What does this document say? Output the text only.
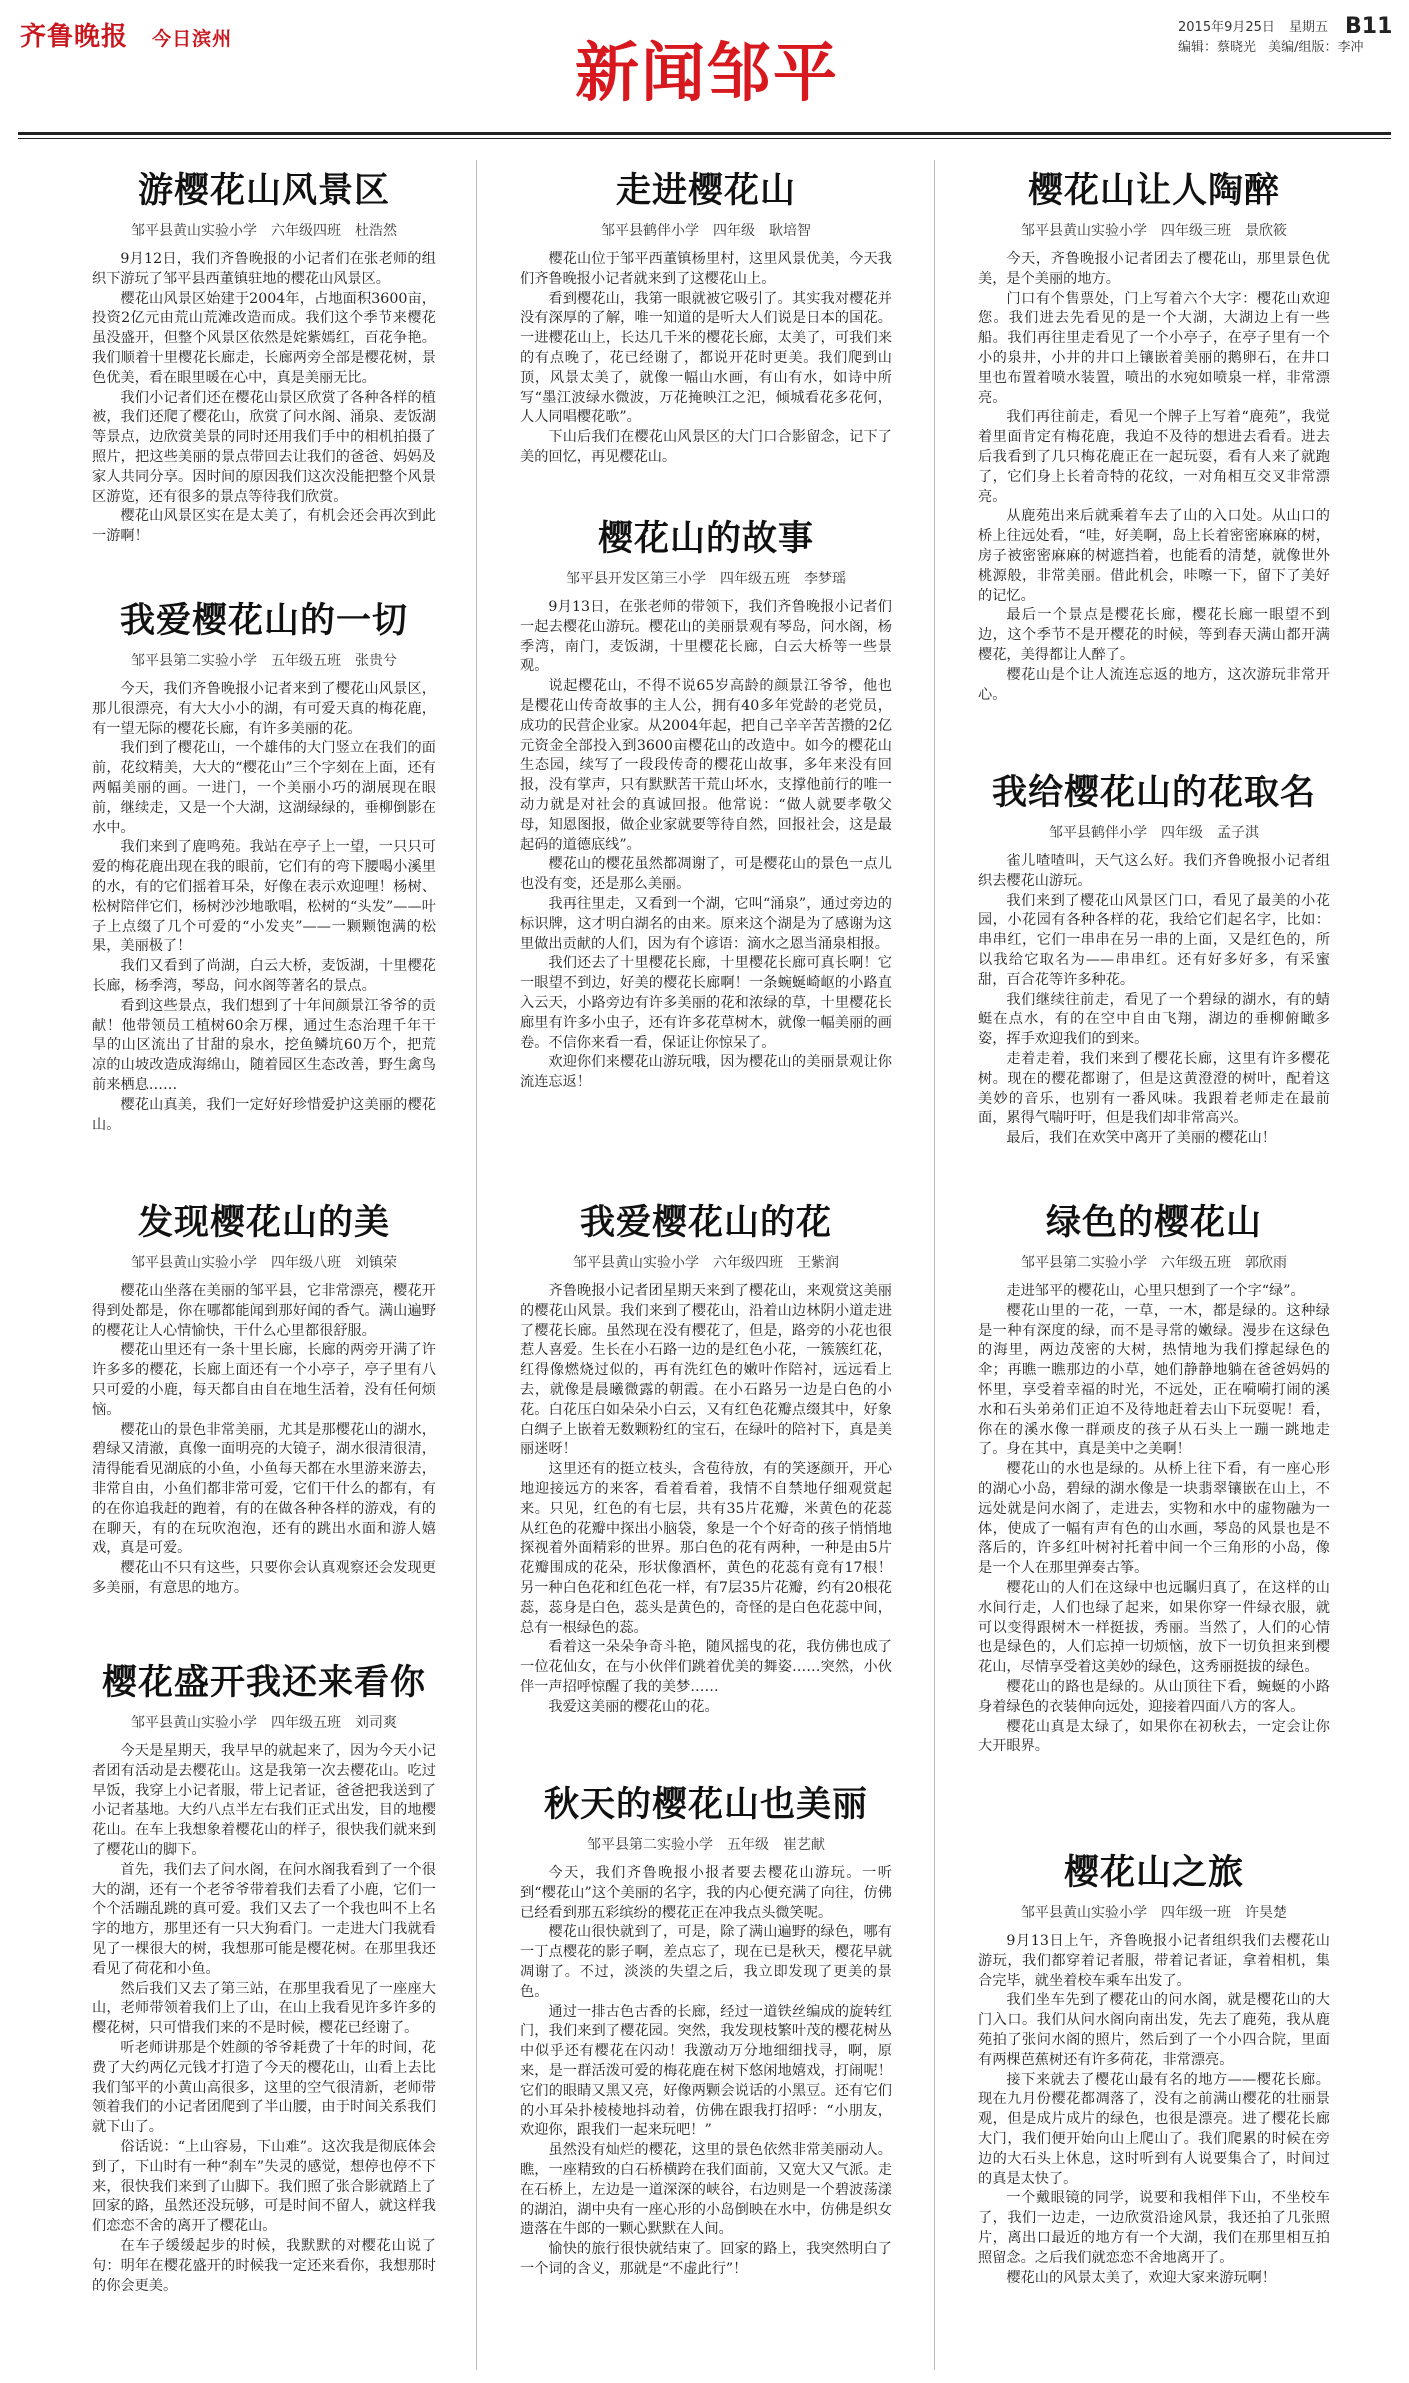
齐鲁晚报 今日滨州	新闻邹平
2015年9月25日 星期五
编辑：蔡晓光 美编/组版：李冲
B11
游樱花山风景区
邹平县黄山实验小学　六年级四班　杜浩然

9月12日，我们齐鲁晚报的小记者们在张老师的组织下游玩了邹平县西董镇驻地的樱花山风景区。

樱花山风景区始建于2004年，占地面积3600亩，投资2亿元由荒山荒滩改造而成。我们这个季节来樱花虽没盛开，但整个风景区依然是姹紫嫣红，百花争艳。我们顺着十里樱花长廊走，长廊两旁全部是樱花树，景色优美，看在眼里暖在心中，真是美丽无比。

我们小记者们还在樱花山景区欣赏了各种各样的植被，我们还爬了樱花山，欣赏了问水阁、涌泉、麦饭湖等景点，边欣赏美景的同时还用我们手中的相机拍摄了照片，把这些美丽的景点带回去让我们的爸爸、妈妈及家人共同分享。因时间的原因我们这次没能把整个风景区游览，还有很多的景点等待我们欣赏。

樱花山风景区实在是太美了，有机会还会再次到此一游啊！

我爱樱花山的一切
邹平县第二实验小学　五年级五班　张贵兮

今天，我们齐鲁晚报小记者来到了樱花山风景区，那儿很漂亮，有大大小小的湖，有可爱天真的梅花鹿，有一望无际的樱花长廊，有许多美丽的花。

我们到了樱花山，一个雄伟的大门竖立在我们的面前，花纹精美，大大的“樱花山”三个字刻在上面，还有两幅美丽的画。一进门，一个美丽小巧的湖展现在眼前，继续走，又是一个大湖，这湖绿绿的，垂柳倒影在水中。

我们来到了鹿鸣苑。我站在亭子上一望，一只只可爱的梅花鹿出现在我的眼前，它们有的弯下腰喝小溪里的水，有的它们摇着耳朵，好像在表示欢迎哩！杨树、松树陪伴它们，杨树沙沙地歌唱，松树的“头发”——叶子上点缀了几个可爱的“小发夹”——一颗颗饱满的松果，美丽极了！

我们又看到了尚湖，白云大桥，麦饭湖，十里樱花长廊，杨季湾，琴岛，问水阁等著名的景点。

看到这些景点，我们想到了十年间颜景江爷爷的贡献！他带领员工植树60余万棵，通过生态治理千年干旱的山区流出了甘甜的泉水，挖鱼鳞坑60万个，把荒凉的山坡改造成海绵山，随着园区生态改善，野生禽鸟前来栖息……

樱花山真美，我们一定好好珍惜爱护这美丽的樱花山。

发现樱花山的美
邹平县黄山实验小学　四年级八班　刘镇荣

樱花山坐落在美丽的邹平县，它非常漂亮，樱花开得到处都是，你在哪都能闻到那好闻的香气。满山遍野的樱花让人心情愉快，干什么心里都很舒服。

樱花山里还有一条十里长廊，长廊的两旁开满了许许多多的樱花，长廊上面还有一个小亭子，亭子里有八只可爱的小鹿，每天都自由自在地生活着，没有任何烦恼。

樱花山的景色非常美丽，尤其是那樱花山的湖水，碧绿又清澈，真像一面明亮的大镜子，湖水很清很清，清得能看见湖底的小鱼，小鱼每天都在水里游来游去，非常自由，小鱼们都非常可爱，它们干什么的都有，有的在你追我赶的跑着，有的在做各种各样的游戏，有的在聊天，有的在玩吹泡泡，还有的跳出水面和游人嬉戏，真是可爱。

樱花山不只有这些，只要你会认真观察还会发现更多美丽，有意思的地方。

樱花盛开我还来看你
邹平县黄山实验小学　四年级五班　刘司爽

今天是星期天，我早早的就起来了，因为今天小记者团有活动是去樱花山。这是我第一次去樱花山。吃过早饭，我穿上小记者服，带上记者证，爸爸把我送到了小记者基地。大约八点半左右我们正式出发，目的地樱花山。在车上我想象着樱花山的样子，很快我们就来到了樱花山的脚下。

首先，我们去了问水阁，在问水阁我看到了一个很大的湖，还有一个老爷爷带着我们去看了小鹿，它们一个个活蹦乱跳的真可爱。我们又去了一个我也叫不上名字的地方，那里还有一只大狗看门。一走进大门我就看见了一棵很大的树，我想那可能是樱花树。在那里我还看见了荷花和小鱼。

然后我们又去了第三站，在那里我看见了一座座大山，老师带领着我们上了山，在山上我看见许多许多的樱花树，只可惜我们来的不是时候，樱花已经谢了。

听老师讲那是个姓颜的爷爷耗费了十年的时间，花费了大约两亿元钱才打造了今天的樱花山，山看上去比我们邹平的小黄山高很多，这里的空气很清新，老师带领着我们的小记者团爬到了半山腰，由于时间关系我们就下山了。

俗话说：“上山容易，下山难”。这次我是彻底体会到了，下山时有一种“刹车”失灵的感觉，想停也停不下来，很快我们来到了山脚下。我们照了张合影就踏上了回家的路，虽然还没玩够，可是时间不留人，就这样我们恋恋不舍的离开了樱花山。

在车子缓缓起步的时候，我默默的对樱花山说了句：明年在樱花盛开的时候我一定还来看你，我想那时的你会更美。

走进樱花山
邹平县鹤伴小学　四年级　耿培智

樱花山位于邹平西董镇杨里村，这里风景优美，今天我们齐鲁晚报小记者就来到了这樱花山上。

看到樱花山，我第一眼就被它吸引了。其实我对樱花并没有深厚的了解，唯一知道的是听大人们说是日本的国花。一进樱花山上，长达几千米的樱花长廊，太美了，可我们来的有点晚了，花已经谢了，都说开花时更美。我们爬到山顶，风景太美了，就像一幅山水画，有山有水，如诗中所写“墨江波绿水微波，万花掩映江之汜，倾城看花多花何，人人同唱樱花歌”。

下山后我们在樱花山风景区的大门口合影留念，记下了美的回忆，再见樱花山。

樱花山的故事
邹平县开发区第三小学　四年级五班　李梦瑶

9月13日，在张老师的带领下，我们齐鲁晚报小记者们一起去樱花山游玩。樱花山的美丽景观有琴岛，问水阁，杨季湾，南门，麦饭湖，十里樱花长廊，白云大桥等一些景观。

说起樱花山，不得不说65岁高龄的颜景江爷爷，他也是樱花山传奇故事的主人公，拥有40多年党龄的老党员，成功的民营企业家。从2004年起，把自己辛辛苦苦攒的2亿元资金全部投入到3600亩樱花山的改造中。如今的樱花山生态园，续写了一段段传奇的樱花山故事，多年来没有回报，没有掌声，只有默默苦干荒山坏水，支撑他前行的唯一动力就是对社会的真诚回报。他常说：“做人就要孝敬父母，知恩图报，做企业家就要等待自然，回报社会，这是最起码的道德底线”。

樱花山的樱花虽然都凋谢了，可是樱花山的景色一点儿也没有变，还是那么美丽。

我再往里走，又看到一个湖，它叫“涌泉”，通过旁边的标识牌，这才明白湖名的由来。原来这个湖是为了感谢为这里做出贡献的人们，因为有个谚语：滴水之恩当涌泉相报。

我们还去了十里樱花长廊，十里樱花长廊可真长啊！它一眼望不到边，好美的樱花长廊啊！一条蜿蜒崎岖的小路直入云天，小路旁边有许多美丽的花和浓绿的草，十里樱花长廊里有许多小虫子，还有许多花草树木，就像一幅美丽的画卷。不信你来看一看，保证让你惊呆了。

欢迎你们来樱花山游玩哦，因为樱花山的美丽景观让你流连忘返！

我爱樱花山的花
邹平县黄山实验小学　六年级四班　王紫润

齐鲁晚报小记者团星期天来到了樱花山，来观赏这美丽的樱花山风景。我们来到了樱花山，沿着山边林阴小道走进了樱花长廊。虽然现在没有樱花了，但是，路旁的小花也很惹人喜爱。生长在小石路一边的是红色小花，一簇簇红花，红得像燃烧过似的，再有洗红色的嫩叶作陪衬，远远看上去，就像是晨曦微露的朝霞。在小石路另一边是白色的小花。白花压白如朵朵小白云，又有红色花瓣点缀其中，好象白绸子上嵌着无数颗粉红的宝石，在绿叶的陪衬下，真是美丽迷呀！

这里还有的挺立枝头，含苞待放，有的笑逐颜开，开心地迎接远方的来客，看着看着，我情不自禁地仔细观赏起来。只见，红色的有七层，共有35片花瓣，米黄色的花蕊从红色的花瓣中探出小脑袋，象是一个个好奇的孩子悄悄地探视着外面精彩的世界。那白色的花有两种，一种是由5片花瓣围成的花朵，形状像酒杯，黄色的花蕊有竟有17根！另一种白色花和红色花一样，有7层35片花瓣，约有20根花蕊，蕊身是白色，蕊头是黄色的，奇怪的是白色花蕊中间，总有一根绿色的蕊。

看着这一朵朵争奇斗艳，随风摇曳的花，我仿佛也成了一位花仙女，在与小伙伴们跳着优美的舞姿……突然，小伙伴一声招呼惊醒了我的美梦……

我爱这美丽的樱花山的花。

秋天的樱花山也美丽
邹平县第二实验小学　五年级　崔艺献

今天，我们齐鲁晚报小报者要去樱花山游玩。一听到“樱花山”这个美丽的名字，我的内心便充满了向往，仿佛已经看到那五彩缤纷的樱花正在冲我点头微笑呢。

樱花山很快就到了，可是，除了满山遍野的绿色，哪有一丁点樱花的影子啊，差点忘了，现在已是秋天，樱花早就凋谢了。不过，淡淡的失望之后，我立即发现了更美的景色。

通过一排古色古香的长廊，经过一道铁丝编成的旋转红门，我们来到了樱花园。突然，我发现枝繁叶茂的樱花树丛中似乎还有樱花在闪动！我激动万分地细细找寻，啊，原来，是一群活泼可爱的梅花鹿在树下悠闲地嬉戏，打闹呢！它们的眼睛又黑又亮，好像两颗会说话的小黑豆。还有它们的小耳朵扑棱棱地抖动着，仿佛在跟我打招呼：“小朋友，欢迎你，跟我们一起来玩吧！”

虽然没有灿烂的樱花，这里的景色依然非常美丽动人。瞧，一座精致的白石桥横跨在我们面前，又宽大又气派。走在石桥上，左边是一道深深的峡谷，右边则是一个碧波荡漾的湖泊，湖中央有一座心形的小岛倒映在水中，仿佛是织女遗落在牛郎的一颗心默默在人间。

愉快的旅行很快就结束了。回家的路上，我突然明白了一个词的含义，那就是“不虚此行”！

樱花山让人陶醉
邹平县黄山实验小学　四年级三班　景欣筱

今天，齐鲁晚报小记者团去了樱花山，那里景色优美，是个美丽的地方。

门口有个售票处，门上写着六个大字：樱花山欢迎您。我们进去先看见的是一个大湖，大湖边上有一些船。我们再往里走看见了一个小亭子，在亭子里有一个小的泉井，小井的井口上镶嵌着美丽的鹅卵石，在井口里也布置着喷水装置，喷出的水宛如喷泉一样，非常漂亮。

我们再往前走，看见一个牌子上写着“鹿苑”，我觉着里面肯定有梅花鹿，我迫不及待的想进去看看。进去后我看到了几只梅花鹿正在一起玩耍，看有人来了就跑了，它们身上长着奇特的花纹，一对角相互交叉非常漂亮。

从鹿苑出来后就乘着车去了山的入口处。从山口的桥上往远处看，“哇，好美啊，岛上长着密密麻麻的树，房子被密密麻麻的树遮挡着，也能看的清楚，就像世外桃源般，非常美丽。借此机会，咔嚓一下，留下了美好的记忆。

最后一个景点是樱花长廊，樱花长廊一眼望不到边，这个季节不是开樱花的时候，等到春天满山都开满樱花，美得都让人醉了。

樱花山是个让人流连忘返的地方，这次游玩非常开心。

我给樱花山的花取名
邹平县鹤伴小学　四年级　孟子淇

雀儿喳喳叫，天气这么好。我们齐鲁晚报小记者组织去樱花山游玩。

我们来到了樱花山风景区门口，看见了最美的小花园，小花园有各种各样的花，我给它们起名字，比如：串串红，它们一串串在另一串的上面，又是红色的，所以我给它取名为——串串红。还有好多好多，有采蜜甜，百合花等许多种花。

我们继续往前走，看见了一个碧绿的湖水，有的蜻蜓在点水，有的在空中自由飞翔，湖边的垂柳俯瞰多姿，挥手欢迎我们的到来。

走着走着，我们来到了樱花长廊，这里有许多樱花树。现在的樱花都谢了，但是这黄澄澄的树叶，配着这美妙的音乐，也别有一番风味。我跟着老师走在最前面，累得气喘吁吁，但是我们却非常高兴。

最后，我们在欢笑中离开了美丽的樱花山！

绿色的樱花山
邹平县第二实验小学　六年级五班　郭欣雨

走进邹平的樱花山，心里只想到了一个字“绿”。

樱花山里的一花，一草，一木，都是绿的。这种绿是一种有深度的绿，而不是寻常的嫩绿。漫步在这绿色的海里，两边茂密的大树，热情地为我们撑起绿色的伞；再瞧一瞧那边的小草，她们静静地躺在爸爸妈妈的怀里，享受着幸福的时光，不远处，正在嗬嗬打闹的溪水和石头弟弟们正迫不及待地赶着去山下玩耍呢！看，你在的溪水像一群顽皮的孩子从石头上一蹦一跳地走了。身在其中，真是美中之美啊！

樱花山的水也是绿的。从桥上往下看，有一座心形的湖心小岛，碧绿的湖水像是一块翡翠镶嵌在山上，不远处就是问水阁了，走进去，实物和水中的虚物融为一体，使成了一幅有声有色的山水画，琴岛的风景也是不落后的，许多红叶树衬托着中间一个三角形的小岛，像是一个人在那里弹奏古筝。

樱花山的人们在这绿中也远瞩归真了，在这样的山水间行走，人们也绿了起来，如果你穿一件绿衣服，就可以变得跟树木一样挺拔，秀丽。当然了，人们的心情也是绿色的，人们忘掉一切烦恼，放下一切负担来到樱花山，尽情享受着这美妙的绿色，这秀丽挺拔的绿色。

樱花山的路也是绿的。从山顶往下看，蜿蜒的小路身着绿色的衣装伸向远处，迎接着四面八方的客人。

樱花山真是太绿了，如果你在初秋去，一定会让你大开眼界。

樱花山之旅
邹平县黄山实验小学　四年级一班　许昊楚

9月13日上午，齐鲁晚报小记者组织我们去樱花山游玩，我们都穿着记者服，带着记者证，拿着相机，集合完毕，就坐着校车乘车出发了。

我们坐车先到了樱花山的问水阁，就是樱花山的大门入口。我们从问水阁向南出发，先去了鹿苑，我从鹿苑拍了张问水阁的照片，然后到了一个小四合院，里面有两棵芭蕉树还有许多荷花，非常漂亮。

接下来就去了樱花山最有名的地方——樱花长廊。现在九月份樱花都凋落了，没有之前满山樱花的壮丽景观，但是成片成片的绿色，也很是漂亮。进了樱花长廊大门，我们便开始向山上爬山了。我们爬累的时候在旁边的大石头上休息，这时听到有人说要集合了，时间过的真是太快了。

一个戴眼镜的同学，说要和我相伴下山，不坐校车了，我们一边走，一边欣赏沿途风景，我还拍了几张照片，离出口最近的地方有一个大湖，我们在那里相互拍照留念。之后我们就恋恋不舍地离开了。

樱花山的风景太美了，欢迎大家来游玩啊！
